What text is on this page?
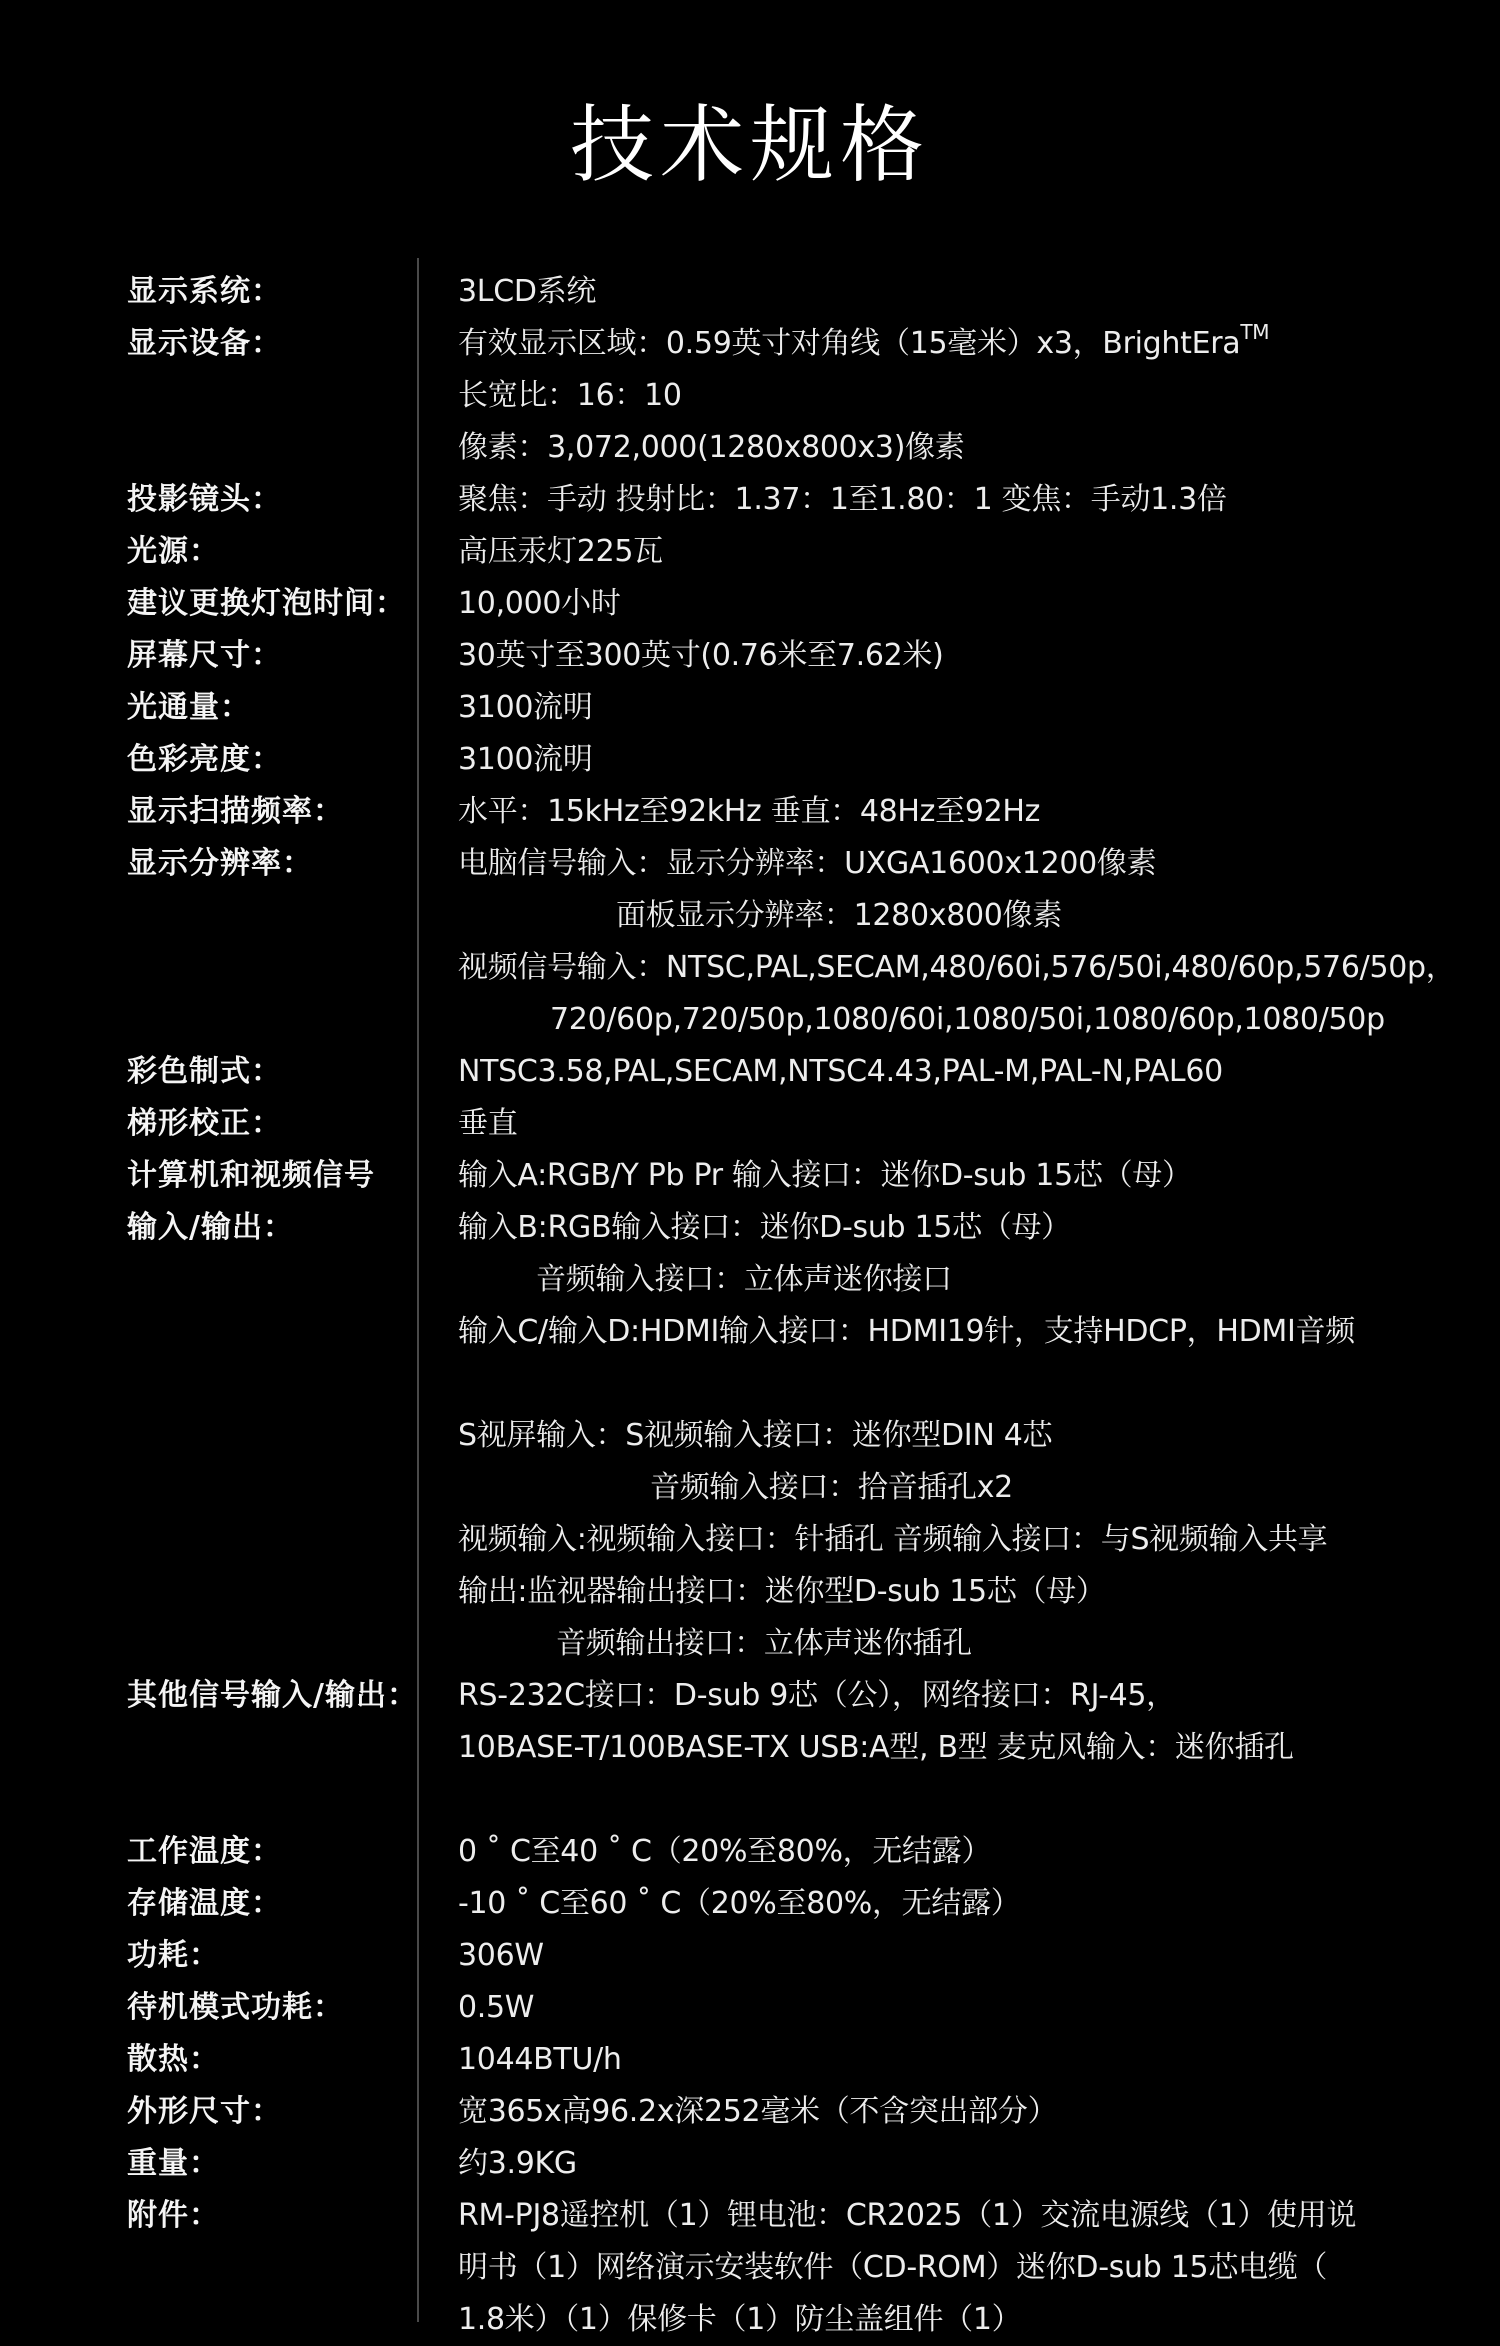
技术规格
显示系统：	3LCD系统
显示设备：	有效显示区域：0.59英寸对角线（15毫米）x3，BrightEra™
长宽比：16：10
像素：3,072,000(1280x800x3)像素
投影镜头：	聚焦：手动 投射比：1.37：1至1.80：1 变焦：手动1.3倍
光源：	高压汞灯225瓦
建议更换灯泡时间： 10,000小时
屏幕尺寸：	30英寸至300英寸(0.76米至7.62米)
光通量：	3100流明
色彩亮度：	3100流明
显示扫描频率：	水平：15kHz至92kHz 垂直：48Hz至92Hz
显示分辨率：	电脑信号输入：显示分辨率：UXGA1600x1200像素
面板显示分辨率：1280x800像素
视频信号输入：NTSC,PAL,SECAM,480/60i,576/50i,480/60p,576/50p，
720/60p,720/50p,1080/60i,1080/50i,1080/60p,1080/50p
彩色制式：	NTSC3.58,PAL,SECAM,NTSC4.43,PAL-M,PAL-N,PAL60
梯形校正：	垂直
计算机和视频信号	输入A:RGB/Y Pb Pr 输入接口：迷你D-sub 15芯（母）
输入/输出：	输入B:RGB输入接口：迷你D-sub 15芯（母）
音频输入接口：立体声迷你接口
输入C/输入D:HDMI输入接口：HDMI19针，支持HDCP，HDMI音频
S视屏输入：S视频输入接口：迷你型DIN 4芯
音频输入接口：拾音插孔x2
视频输入:视频输入接口：针插孔 音频输入接口：与S视频输入共享
输出:监视器输出接口：迷你型D-sub 15芯（母）
音频输出接口：立体声迷你插孔
其他信号输入/输出： RS-232C接口：D-sub 9芯（公），网络接口：RJ-45，
10BASE-T/100BASE-TX USB:A型, B型 麦克风输入：迷你插孔
工作温度：	0 ˚ C至40 ˚ C（20%至80%，无结露）
存储温度：	-10 ˚ C至60 ˚ C（20%至80%，无结露）
功耗：	306W
待机模式功耗：	0.5W
散热：	1044BTU/h
外形尺寸：	宽365x高96.2x深252毫米（不含突出部分）
重量：	约3.9KG
附件：	RM-PJ8遥控机（1）锂电池：CR2025（1）交流电源线（1）使用说
明书（1）网络演示安装软件（CD-ROM）迷你D-sub 15芯电缆（
1.8米）（1）保修卡（1）防尘盖组件（1）
